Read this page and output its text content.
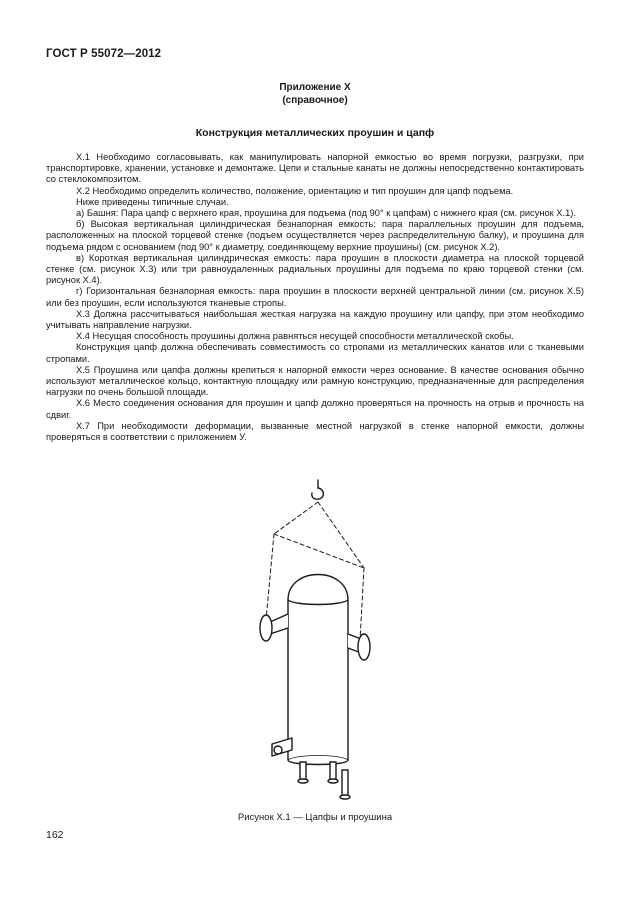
ГОСТ Р 55072—2012
Приложение Х
(справочное)
Конструкция металлических проушин и цапф

Х.1 Необходимо согласовывать, как манипулировать напорной емкостью во время погрузки, разгрузки, при транспортировке, хранении, установке и демонтаже. Цепи и стальные канаты не должны непосредственно контактировать со стеклокомпозитом.

Х.2 Необходимо определить количество, положение, ориентацию и тип проушин для цапф подъема.

Ниже приведены типичные случаи.

а) Башня: Пара цапф с верхнего края, проушина для подъема (под 90° к цапфам) с нижнего края (см. рисунок Х.1).

б) Высокая вертикальная цилиндрическая безнапорная емкость: пара параллельных проушин для подъема, расположенных на плоской торцевой стенке (подъем осуществляется через распределительную балку), и проушина для подъема рядом с основанием (под 90° к диаметру, соединяющему верхние проушины) (см. рисунок Х.2).

в) Короткая вертикальная цилиндрическая емкость: пара проушин в плоскости диаметра на плоской торцевой стенке (см. рисунок Х.3) или три равноудаленных радиальных проушины для подъема по краю торцевой стенки (см. рисунок Х.4).

г) Горизонтальная безнапорная емкость: пара проушин в плоскости верхней центральной линии (см. рисунок Х.5) или без проушин, если используются тканевые стропы.

Х.3 Должна рассчитываться наибольшая жесткая нагрузка на каждую проушину или цапфу, при этом необходимо учитывать направление нагрузки.

Х.4 Несущая способность проушины должна равняться несущей способности металлической скобы.

Конструкция цапф должна обеспечивать совместимость со стропами из металлических канатов или с тканевыми стропами.

Х.5 Проушина или цапфа должны крепиться к напорной емкости через основание. В качестве основания обычно используют металлическое кольцо, контактную площадку или рамную конструкцию, предназначенные для распределения нагрузки по очень большой площади.

Х.6 Место соединения основания для проушин и цапф должно проверяться на прочность на отрыв и прочность на сдвиг.

Х.7 При необходимости деформации, вызванные местной нагрузкой в стенке напорной емкости, должны проверяться в соответствии с приложением У.

Рисунок Х.1 — Цапфы и проушина
162
